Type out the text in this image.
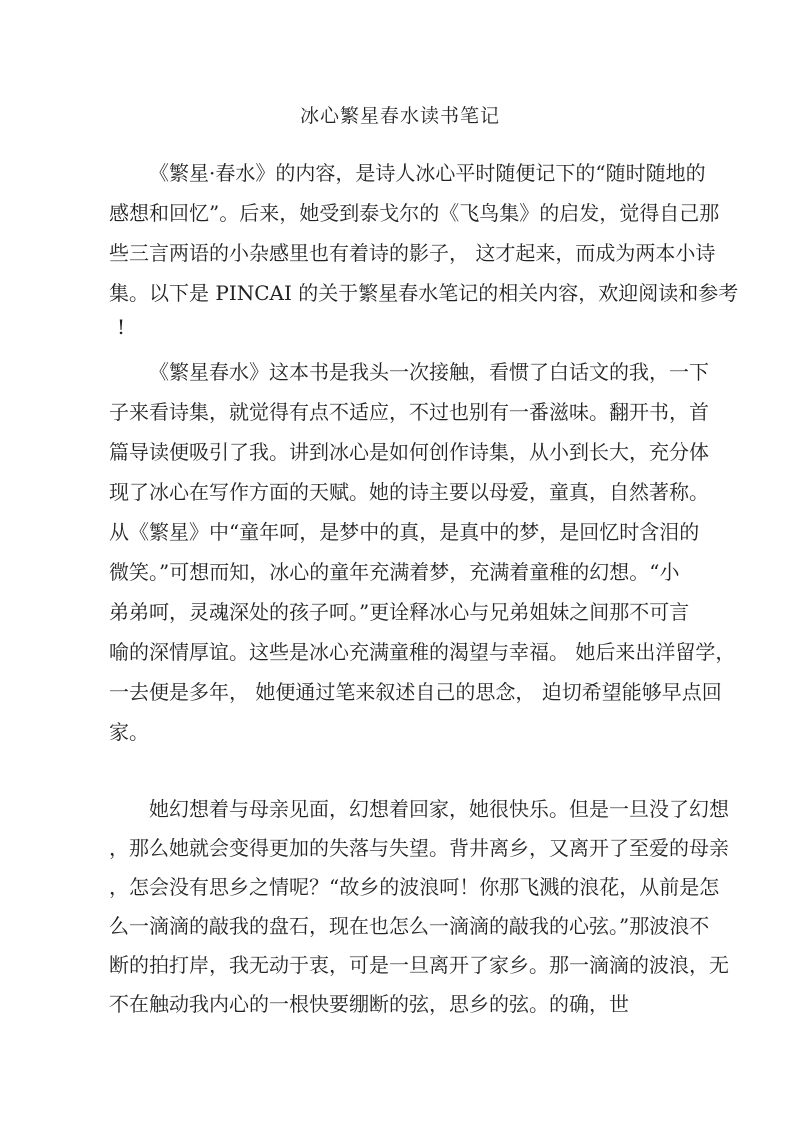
冰心繁星春水读书笔记
《繁星·春水》的内容，是诗人冰心平时随便记下的“随时随地的
感想和回忆”。后来，她受到泰戈尔的《飞鸟集》的启发，觉得自己那
些三言两语的小杂感里也有着诗的影子， 这才起来，而成为两本小诗
集。以下是 PINCAI 的关于繁星春水笔记的相关内容，欢迎阅读和参考
!
《繁星春水》这本书是我头一次接触，看惯了白话文的我，一下
子来看诗集，就觉得有点不适应，不过也别有一番滋味。翻开书，首
篇导读便吸引了我。讲到冰心是如何创作诗集，从小到长大，充分体
现了冰心在写作方面的天赋。她的诗主要以母爱，童真，自然著称。
从《繁星》中“童年呵，是梦中的真，是真中的梦，是回忆时含泪的
微笑。”可想而知，冰心的童年充满着梦，充满着童稚的幻想。“小
弟弟呵，灵魂深处的孩子呵。”更诠释冰心与兄弟姐妹之间那不可言
喻的深情厚谊。这些是冰心充满童稚的渴望与幸福。 她后来出洋留学，
一去便是多年， 她便通过笔来叙述自己的思念， 迫切希望能够早点回
家。
她幻想着与母亲见面，幻想着回家，她很快乐。但是一旦没了幻想
，那么她就会变得更加的失落与失望。背井离乡，又离开了至爱的母亲
，怎会没有思乡之情呢？“故乡的波浪呵！你那飞溅的浪花，从前是怎
么一滴滴的敲我的盘石，现在也怎么一滴滴的敲我的心弦。”那波浪不
断的拍打岸，我无动于衷，可是一旦离开了家乡。那一滴滴的波浪，无
不在触动我内心的一根快要绷断的弦，思乡的弦。的确，世
